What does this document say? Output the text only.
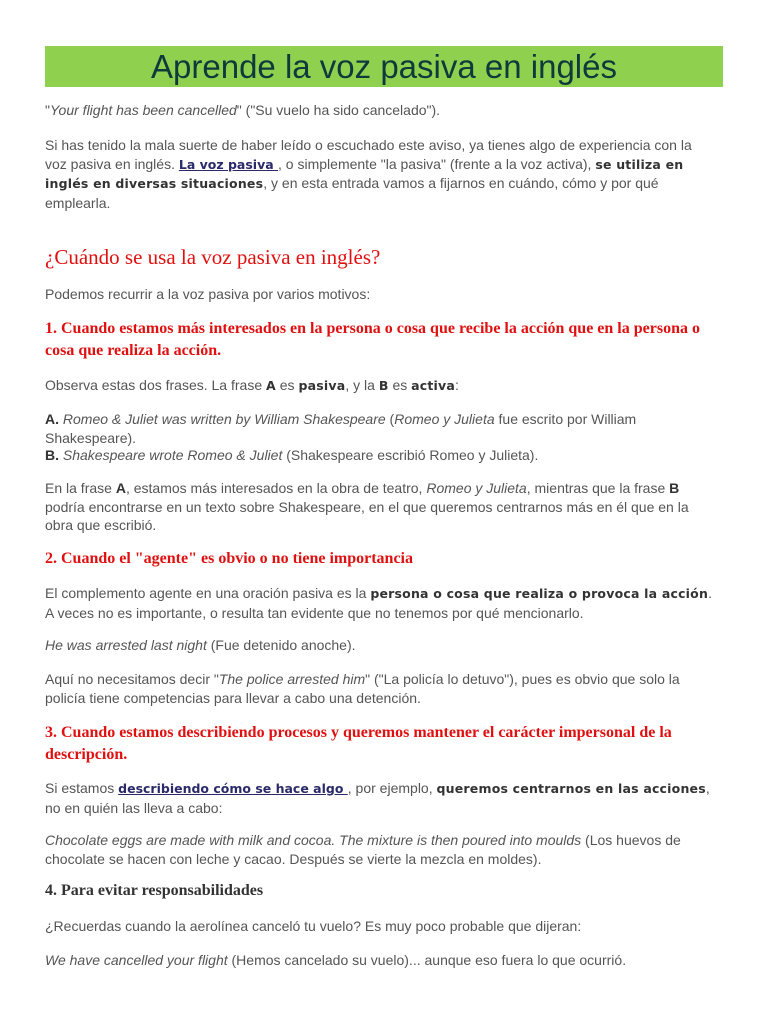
Aprende la voz pasiva en inglés

"Your flight has been cancelled" ("Su vuelo ha sido cancelado").

Si has tenido la mala suerte de haber leído o escuchado este aviso, ya tienes algo de experiencia con la voz pasiva en inglés. La voz pasiva , o simplemente "la pasiva" (frente a la voz activa), se utiliza en inglés en diversas situaciones, y en esta entrada vamos a fijarnos en cuándo, cómo y por qué emplearla.

¿Cuándo se usa la voz pasiva en inglés?

Podemos recurrir a la voz pasiva por varios motivos:

1. Cuando estamos más interesados en la persona o cosa que recibe la acción que en la persona o cosa que realiza la acción.

Observa estas dos frases. La frase A es pasiva, y la B es activa:

A. Romeo & Juliet was written by William Shakespeare (Romeo y Julieta fue escrito por William Shakespeare).

B. Shakespeare wrote Romeo & Juliet (Shakespeare escribió Romeo y Julieta).

En la frase A, estamos más interesados en la obra de teatro, Romeo y Julieta, mientras que la frase B podría encontrarse en un texto sobre Shakespeare, en el que queremos centrarnos más en él que en la obra que escribió.

2. Cuando el "agente" es obvio o no tiene importancia

El complemento agente en una oración pasiva es la persona o cosa que realiza o provoca la acción. A veces no es importante, o resulta tan evidente que no tenemos por qué mencionarlo.

He was arrested last night (Fue detenido anoche).

Aquí no necesitamos decir "The police arrested him" ("La policía lo detuvo"), pues es obvio que solo la policía tiene competencias para llevar a cabo una detención.

3. Cuando estamos describiendo procesos y queremos mantener el carácter impersonal de la descripción.

Si estamos describiendo cómo se hace algo , por ejemplo, queremos centrarnos en las acciones, no en quién las lleva a cabo:

Chocolate eggs are made with milk and cocoa. The mixture is then poured into moulds (Los huevos de chocolate se hacen con leche y cacao. Después se vierte la mezcla en moldes).

4. Para evitar responsabilidades

¿Recuerdas cuando la aerolínea canceló tu vuelo? Es muy poco probable que dijeran:

We have cancelled your flight (Hemos cancelado su vuelo)... aunque eso fuera lo que ocurrió.
